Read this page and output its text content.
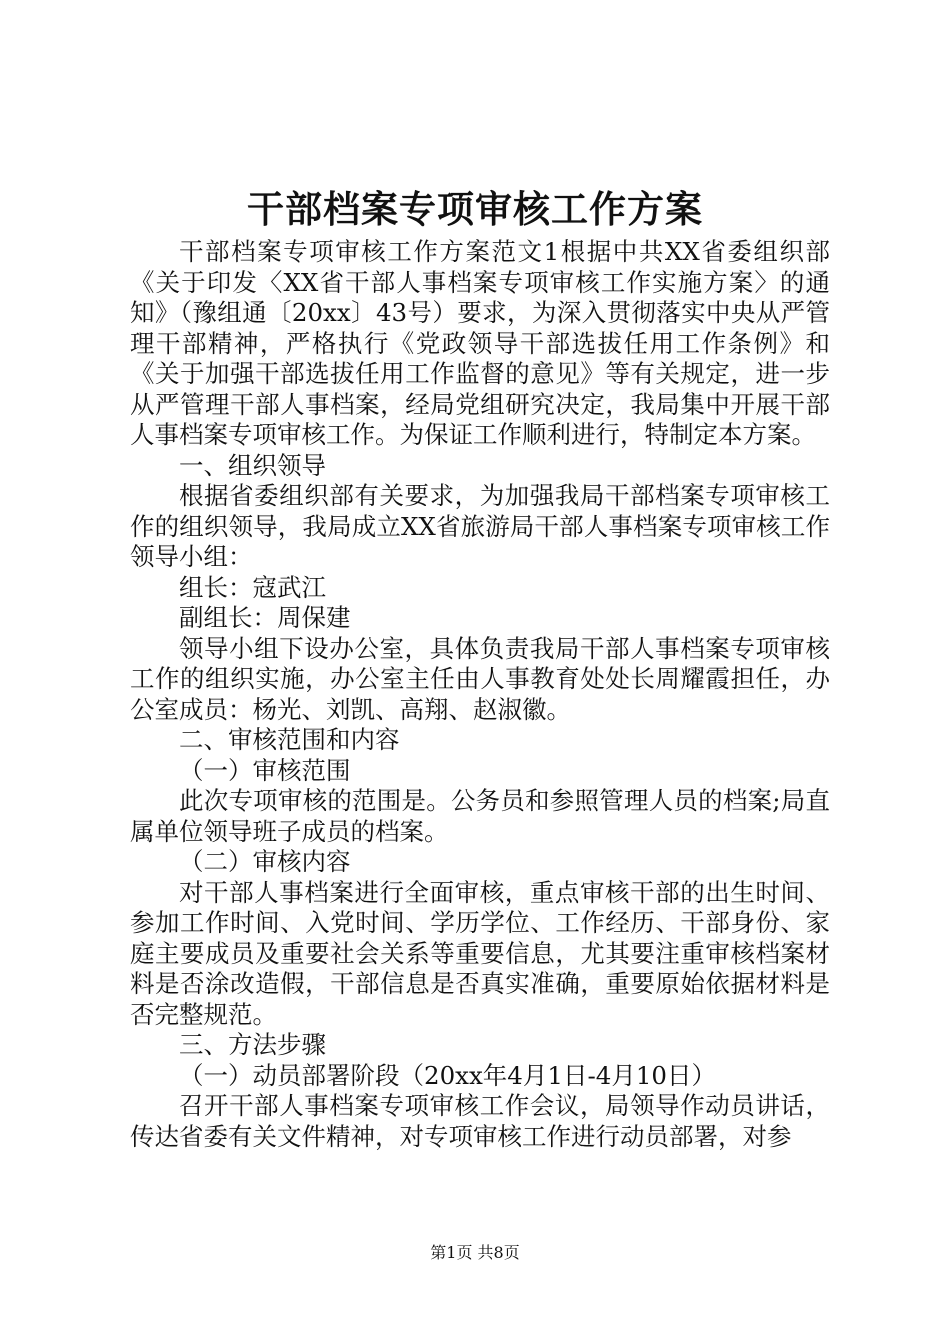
干部档案专项审核工作方案

干部档案专项审核工作方案范文1根据中共XX省委组织部《关于印发〈XX省干部人事档案专项审核工作实施方案〉的通知》（豫组通〔20xx〕43号）要求，为深入贯彻落实中央从严管理干部精神，严格执行《党政领导干部选拔任用工作条例》和《关于加强干部选拔任用工作监督的意见》等有关规定，进一步从严管理干部人事档案，经局党组研究决定，我局集中开展干部人事档案专项审核工作。为保证工作顺利进行，特制定本方案。

一、组织领导

根据省委组织部有关要求，为加强我局干部档案专项审核工作的组织领导，我局成立XX省旅游局干部人事档案专项审核工作领导小组：

组长：寇武江

副组长：周保建

领导小组下设办公室，具体负责我局干部人事档案专项审核工作的组织实施，办公室主任由人事教育处处长周耀霞担任，办公室成员：杨光、刘凯、高翔、赵淑徽。

二、审核范围和内容

（一）审核范围

此次专项审核的范围是。公务员和参照管理人员的档案;局直属单位领导班子成员的档案。

（二）审核内容

对干部人事档案进行全面审核，重点审核干部的出生时间、参加工作时间、入党时间、学历学位、工作经历、干部身份、家庭主要成员及重要社会关系等重要信息，尤其要注重审核档案材料是否涂改造假，干部信息是否真实准确，重要原始依据材料是否完整规范。

三、方法步骤

（一）动员部署阶段（20xx年4月1日-4月10日）

召开干部人事档案专项审核工作会议，局领导作动员讲话，传达省委有关文件精神，对专项审核工作进行动员部署，对参

第1页 共8页
